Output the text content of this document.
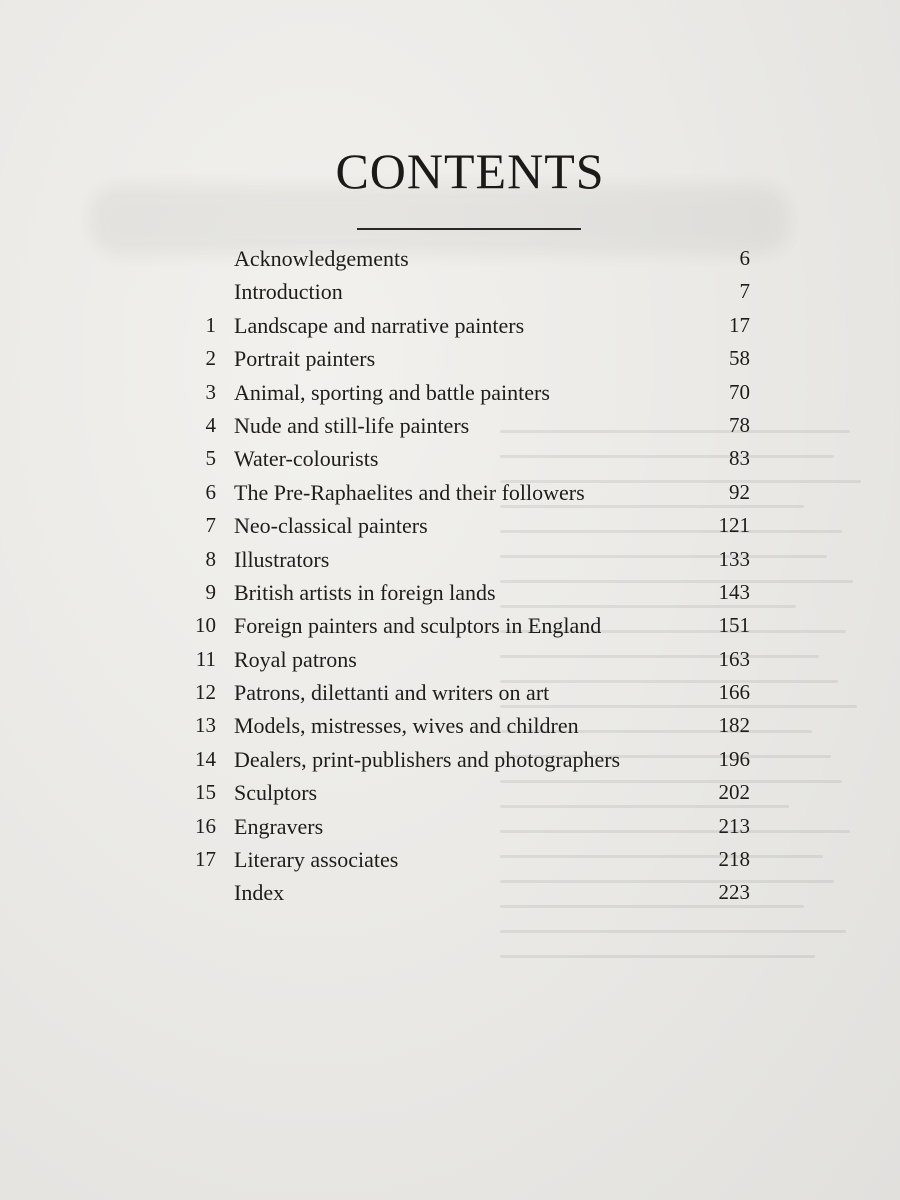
CONTENTS
Acknowledgements	6
Introduction	7
1 Landscape and narrative painters	17
2 Portrait painters	58
3 Animal, sporting and battle painters	70
4 Nude and still-life painters	78
5 Water-colourists	83
6 The Pre-Raphaelites and their followers	92
7 Neo-classical painters	121
8 Illustrators	133
9 British artists in foreign lands	143
10 Foreign painters and sculptors in England	151
11 Royal patrons	163
12 Patrons, dilettanti and writers on art	166
13 Models, mistresses, wives and children	182
14 Dealers, print-publishers and photographers	196
15 Sculptors	202
16 Engravers	213
17 Literary associates	218
Index	223
